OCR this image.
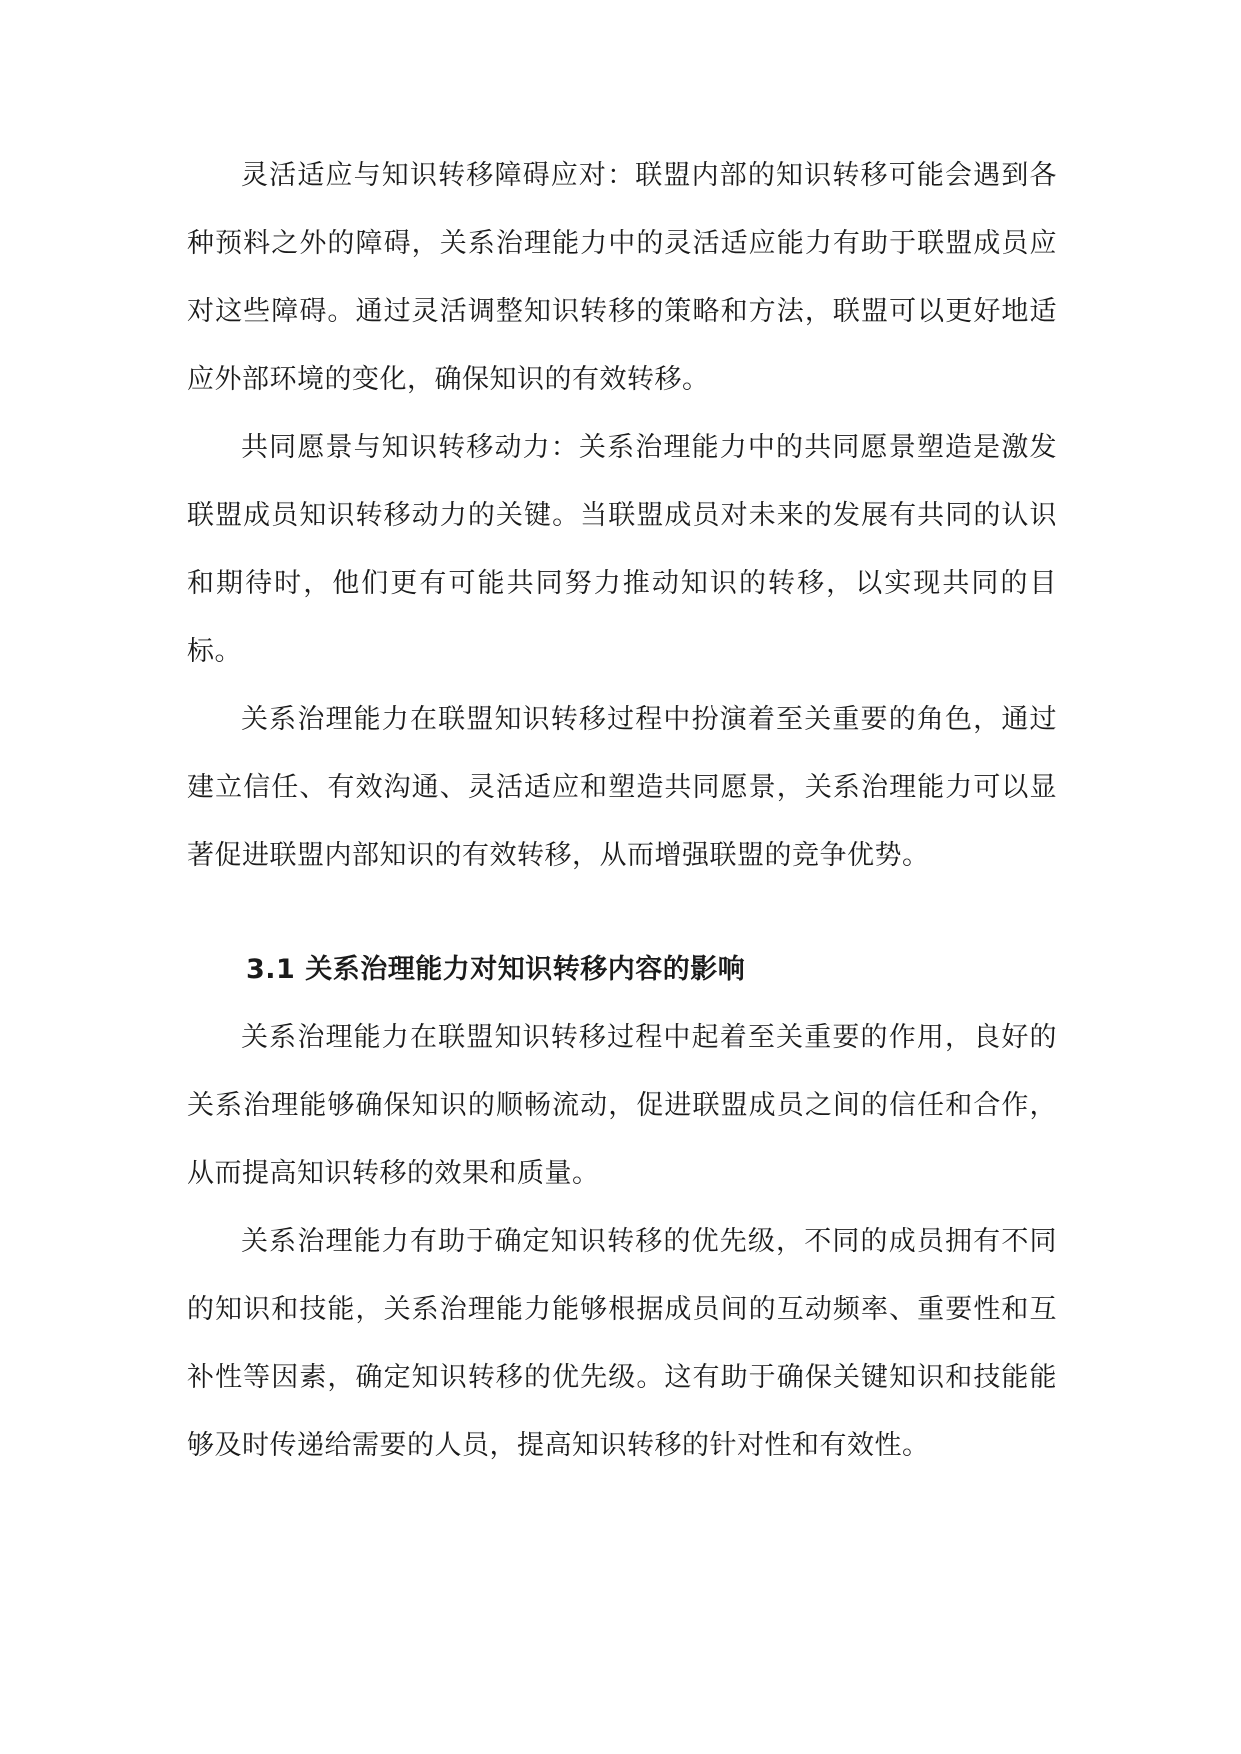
灵活适应与知识转移障碍应对：联盟内部的知识转移可能会遇到各种预料之外的障碍，关系治理能力中的灵活适应能力有助于联盟成员应对这些障碍。通过灵活调整知识转移的策略和方法，联盟可以更好地适应外部环境的变化，确保知识的有效转移。

共同愿景与知识转移动力：关系治理能力中的共同愿景塑造是激发联盟成员知识转移动力的关键。当联盟成员对未来的发展有共同的认识和期待时，他们更有可能共同努力推动知识的转移，以实现共同的目标。

关系治理能力在联盟知识转移过程中扮演着至关重要的角色，通过建立信任、有效沟通、灵活适应和塑造共同愿景，关系治理能力可以显著促进联盟内部知识的有效转移，从而增强联盟的竞争优势。

3.1 关系治理能力对知识转移内容的影响

关系治理能力在联盟知识转移过程中起着至关重要的作用，良好的关系治理能够确保知识的顺畅流动，促进联盟成员之间的信任和合作，从而提高知识转移的效果和质量。

关系治理能力有助于确定知识转移的优先级，不同的成员拥有不同的知识和技能，关系治理能力能够根据成员间的互动频率、重要性和互补性等因素，确定知识转移的优先级。这有助于确保关键知识和技能能够及时传递给需要的人员，提高知识转移的针对性和有效性。
